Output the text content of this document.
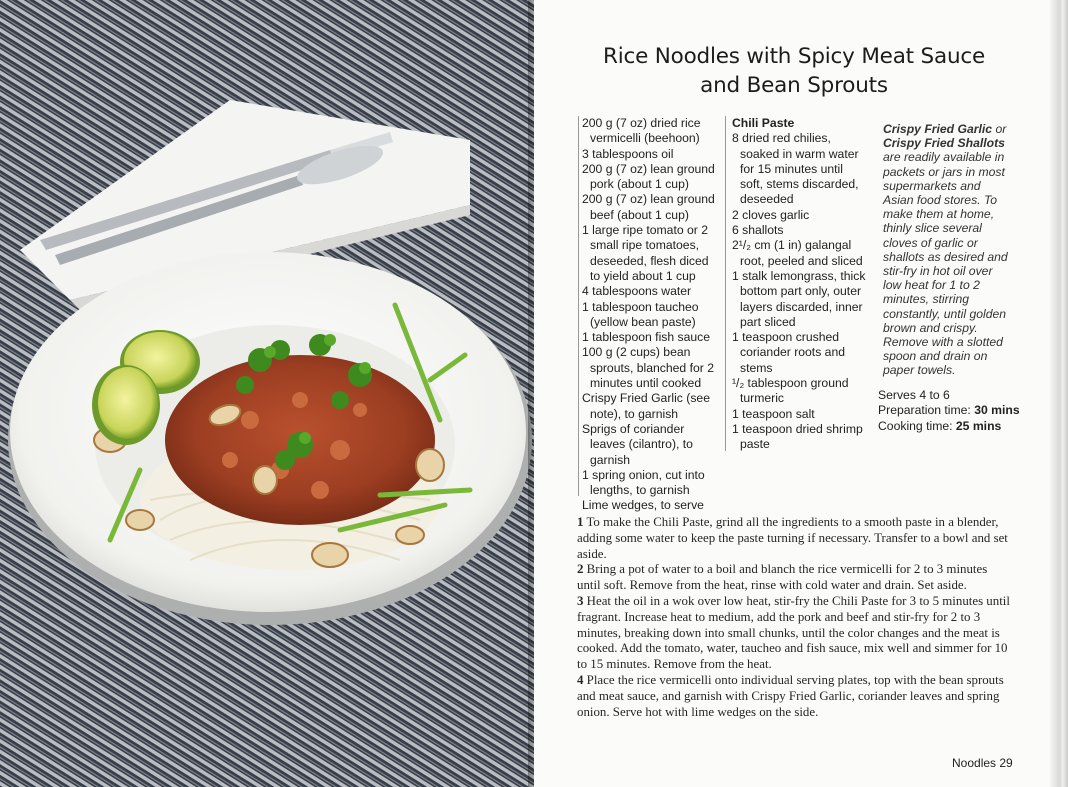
Rice Noodles with Spicy Meat Sauce
and Bean Sprouts

200 g (7 oz) dried rice vermicelli (beehoon)

3 tablespoons oil

200 g (7 oz) lean ground pork (about 1 cup)

200 g (7 oz) lean ground beef (about 1 cup)

1 large ripe tomato or 2 small ripe tomatoes, deseeded, flesh diced to yield about 1 cup

4 tablespoons water

1 tablespoon taucheo (yellow bean paste)

1 tablespoon fish sauce

100 g (2 cups) bean sprouts, blanched for 2 minutes until cooked

Crispy Fried Garlic (see note), to garnish

Sprigs of coriander leaves (cilantro), to garnish

1 spring onion, cut into lengths, to garnish

Lime wedges, to serve

Chili Paste

8 dried red chilies, soaked in warm water for 15 minutes until soft, stems discarded, deseeded

2 cloves garlic

6 shallots

2¹/₂ cm (1 in) galangal root, peeled and sliced

1 stalk lemongrass, thick bottom part only, outer layers discarded, inner part sliced

1 teaspoon crushed coriander roots and stems

¹/₂ tablespoon ground turmeric

1 teaspoon salt

1 teaspoon dried shrimp paste

Crispy Fried Garlic or Crispy Fried Shallots are readily available in packets or jars in most supermarkets and Asian food stores. To make them at home, thinly slice several cloves of garlic or shallots as desired and stir-fry in hot oil over low heat for 1 to 2 minutes, stirring constantly, until golden brown and crispy. Remove with a slotted spoon and drain on paper towels.
Serves 4 to 6
Preparation time: 30 mins
Cooking time: 25 mins

1 To make the Chili Paste, grind all the ingredients to a smooth paste in a blender, adding some water to keep the paste turning if necessary. Transfer to a bowl and set aside.

2 Bring a pot of water to a boil and blanch the rice vermicelli for 2 to 3 minutes until soft. Remove from the heat, rinse with cold water and drain. Set aside.

3 Heat the oil in a wok over low heat, stir-fry the Chili Paste for 3 to 5 minutes until fragrant. Increase heat to medium, add the pork and beef and stir-fry for 2 to 3 minutes, breaking down into small chunks, until the color changes and the meat is cooked. Add the tomato, water, taucheo and fish sauce, mix well and simmer for 10 to 15 minutes. Remove from the heat.

4 Place the rice vermicelli onto individual serving plates, top with the bean sprouts and meat sauce, and garnish with Crispy Fried Garlic, coriander leaves and spring onion. Serve hot with lime wedges on the side.

Noodles 29
